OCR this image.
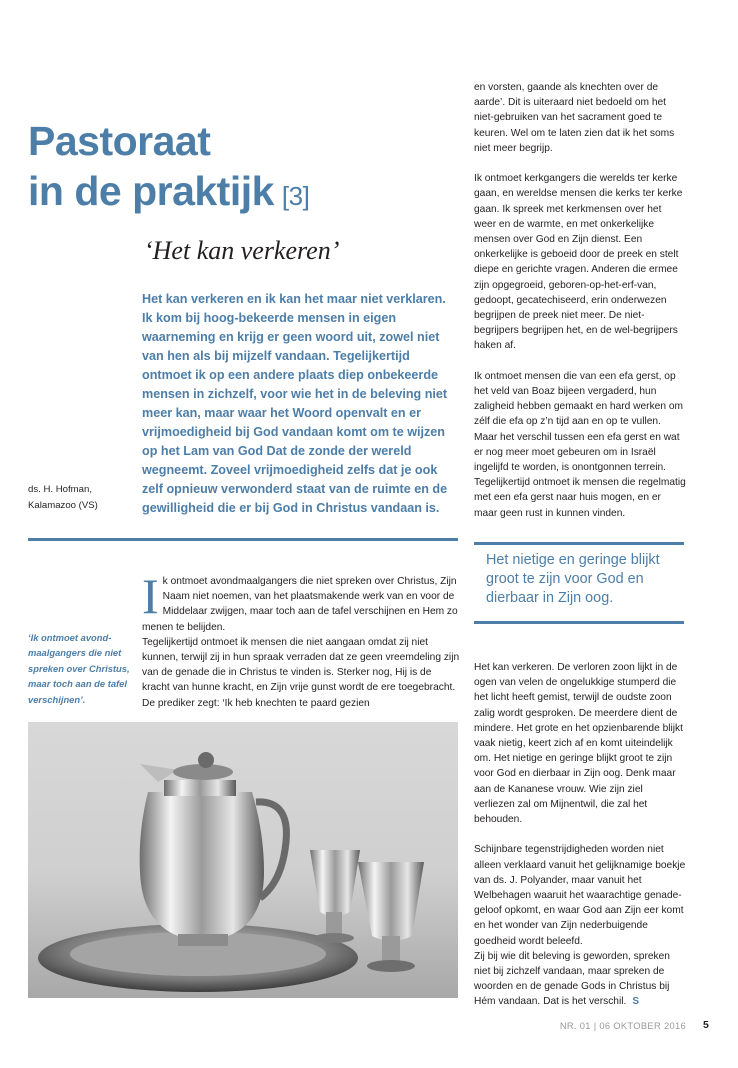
Pastoraat
in de praktijk [3]
‘Het kan verkeren’
Het kan verkeren en ik kan het maar niet verklaren. Ik kom bij hoog-bekeerde mensen in eigen waarneming en krijg er geen woord uit, zowel niet van hen als bij mijzelf vandaan. Tegelijkertijd ontmoet ik op een andere plaats diep onbekeerde mensen in zichzelf, voor wie het in de beleving niet meer kan, maar waar het Woord openvalt en er vrijmoedigheid bij God vandaan komt om te wijzen op het Lam van God Dat de zonde der wereld wegneemt. Zoveel vrijmoedigheid zelfs dat je ook zelf opnieuw verwonderd staat van de ruimte en de gewilligheid die er bij God in Christus vandaan is.
ds. H. Hofman,
Kalamazoo (VS)

Ik ontmoet avondmaalgangers die niet spreken over Christus, Zijn Naam niet noemen, van het plaatsmakende werk van en voor de Middelaar zwijgen, maar toch aan de tafel verschijnen en Hem zo menen te belijden.

Tegelijkertijd ontmoet ik mensen die niet aangaan omdat zij niet kunnen, terwijl zij in hun spraak verraden dat ze geen vreemdeling zijn van de genade die in Christus te vinden is. Sterker nog, Hij is de kracht van hunne kracht, en Zijn vrije gunst wordt de ere toegebracht. De prediker zegt: ‘Ik heb knechten te paard gezien

‘Ik ontmoet avond-maalgangers die niet spreken over Christus, maar toch aan de tafel verschijnen’.

en vorsten, gaande als knechten over de aarde’. Dit is uiteraard niet bedoeld om het niet-gebruiken van het sacrament goed te keuren. Wel om te laten zien dat ik het soms niet meer begrijp.

Ik ontmoet kerkgangers die werelds ter kerke gaan, en wereldse mensen die kerks ter kerke gaan. Ik spreek met kerkmensen over het weer en de warmte, en met onkerkelijke mensen over God en Zijn dienst. Een onkerkelijke is geboeid door de preek en stelt diepe en gerichte vragen. Anderen die ermee zijn opgegroeid, geboren-op-het-erf-van, gedoopt, gecatechiseerd, erin onderwezen begrijpen de preek niet meer. De niet-begrijpers begrijpen het, en de wel-begrijpers haken af.

Ik ontmoet mensen die van een efa gerst, op het veld van Boaz bijeen vergaderd, hun zaligheid hebben gemaakt en hard werken om zélf die efa op z’n tijd aan en op te vullen. Maar het verschil tussen een efa gerst en wat er nog meer moet gebeuren om in Israël ingelijfd te worden, is onontgonnen terrein. Tegelijkertijd ontmoet ik mensen die regelmatig met een efa gerst naar huis mogen, en er maar geen rust in kunnen vinden.

Het nietige en geringe blijkt groot te zijn voor God en dierbaar in Zijn oog.

Het kan verkeren. De verloren zoon lijkt in de ogen van velen de ongelukkige stumperd die het licht heeft gemist, terwijl de oudste zoon zalig wordt gesproken. De meerdere dient de mindere. Het grote en het opzienbarende blijkt vaak nietig, keert zich af en komt uiteindelijk om. Het nietige en geringe blijkt groot te zijn voor God en dierbaar in Zijn oog. Denk maar aan de Kananese vrouw. Wie zijn ziel verliezen zal om Mijnentwil, die zal het behouden.

Schijnbare tegenstrijdigheden worden niet alleen verklaard vanuit het gelijknamige boekje van ds. J. Polyander, maar vanuit het Welbehagen waaruit het waarachtige genade-geloof opkomt, en waar God aan Zijn eer komt en het wonder van Zijn nederbuigende goedheid wordt beleefd.
Zij bij wie dit beleving is geworden, spreken niet bij zichzelf vandaan, maar spreken de woorden en de genade Gods in Christus bij Hém vandaan. Dat is het verschil. S

NR. 01 | 06 OKTOBER 2016 5
